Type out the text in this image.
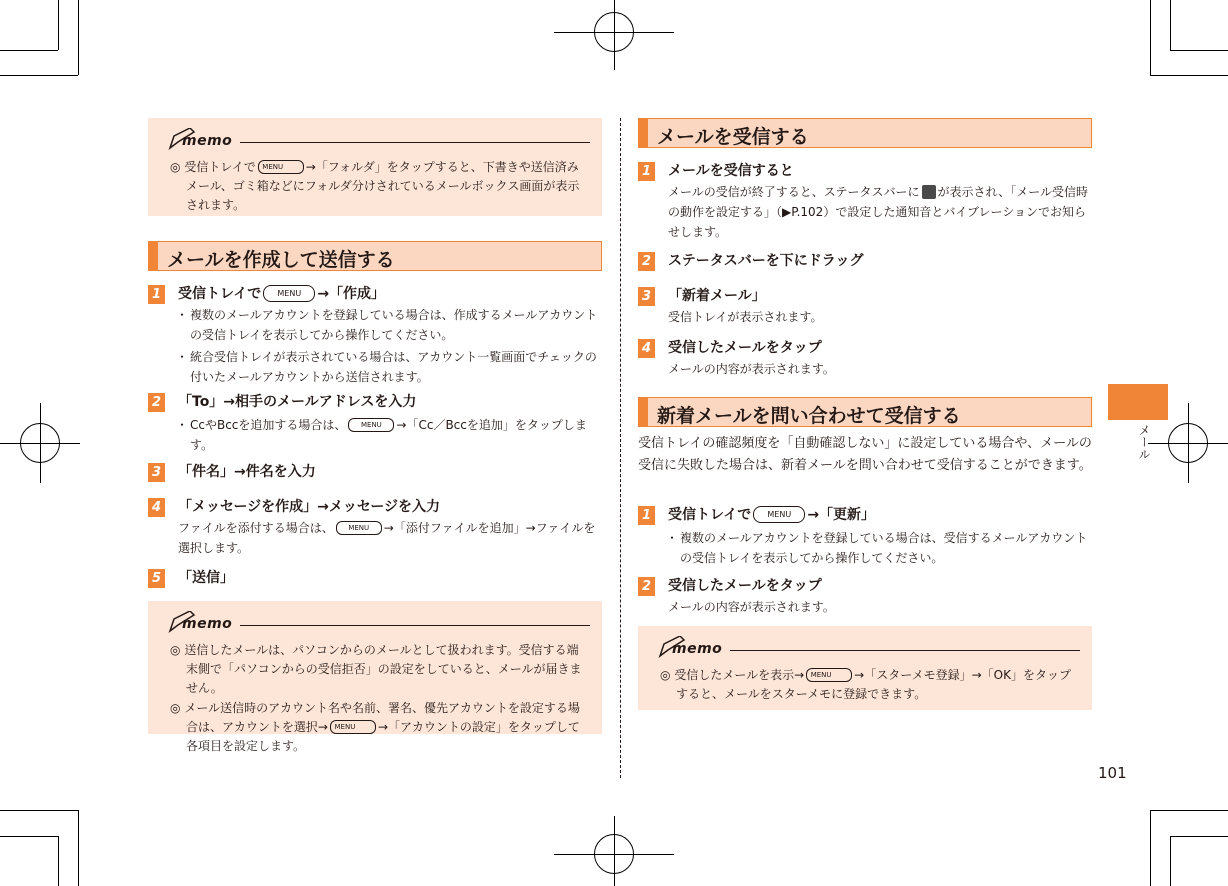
メール
memo
◎ 受信トレイで MENU →「フォルダ」をタップすると、下書きや送信済みメール、ゴミ箱などにフォルダ分けされているメールボックス画面が表示されます。
メールを作成して送信する
1 受信トレイで MENU →「作成」
・ 複数のメールアカウントを登録している場合は、作成するメールアカウントの受信トレイを表示してから操作してください。
・ 統合受信トレイが表示されている場合は、アカウント一覧画面でチェックの付いたメールアカウントから送信されます。
2 「To」→相手のメールアドレスを入力
・ CcやBccを追加する場合は、 MENU →「Cc／Bccを追加」をタップします。
3 「件名」→件名を入力
4 「メッセージを作成」→メッセージを入力
ファイルを添付する場合は、 MENU →「添付ファイルを追加」→ファイルを選択します。
5 「送信」
memo
◎ 送信したメールは、パソコンからのメールとして扱われます。受信する端末側で「パソコンからの受信拒否」の設定をしていると、メールが届きません。
◎ メール送信時のアカウント名や名前、署名、優先アカウントを設定する場合は、アカウントを選択→ MENU →「アカウントの設定」をタップして各項目を設定します。
メールを受信する
1 メールを受信すると
メールの受信が終了すると、ステータスバーに が表示され、「メール受信時の動作を設定する」（▶P.102）で設定した通知音とバイブレーションでお知らせします。
2 ステータスバーを下にドラッグ
3 「新着メール」
受信トレイが表示されます。
4 受信したメールをタップ
メールの内容が表示されます。
新着メールを問い合わせて受信する
受信トレイの確認頻度を「自動確認しない」に設定している場合や、メールの受信に失敗した場合は、新着メールを問い合わせて受信することができます。
1 受信トレイで MENU →「更新」
・ 複数のメールアカウントを登録している場合は、受信するメールアカウントの受信トレイを表示してから操作してください。
2 受信したメールをタップ
メールの内容が表示されます。
memo
◎ 受信したメールを表示→ MENU →「スターメモ登録」→「OK」をタップすると、メールをスターメモに登録できます。
101
